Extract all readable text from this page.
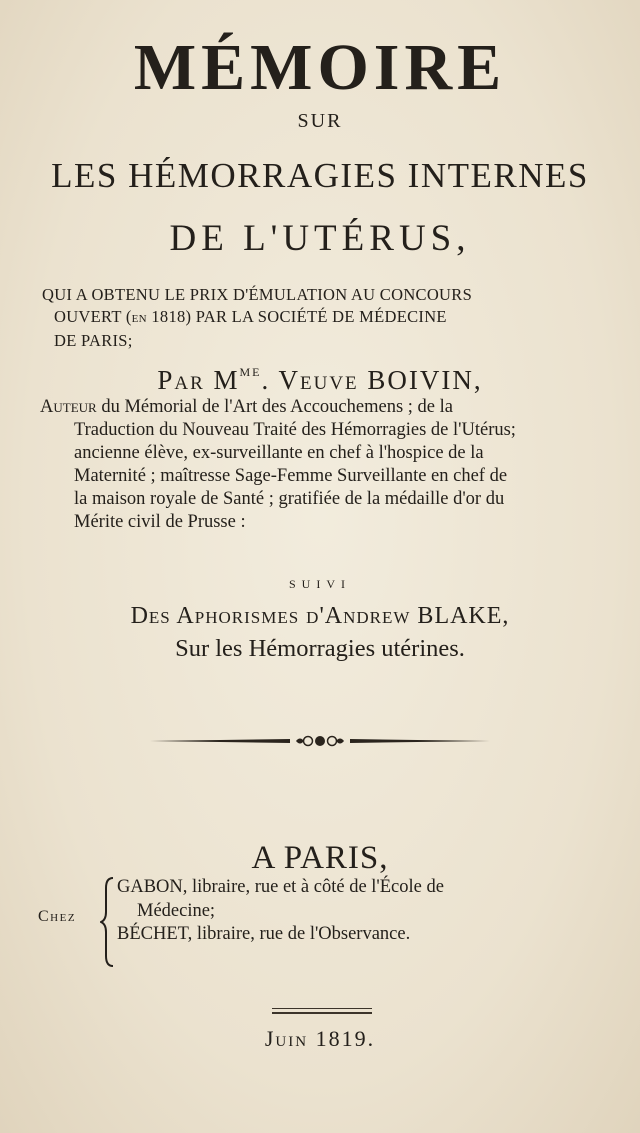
MÉMOIRE
SUR
LES HÉMORRAGIES INTERNES
DE L'UTÉRUS,
QUI A OBTENU LE PRIX D'ÉMULATION AU CONCOURS
OUVERT (EN 1818) PAR LA SOCIÉTÉ DE MÉDECINE
DE PARIS;
Par $M^{ME}$. Veuve BOIVIN,
Auteur du Mémorial de l'Art des Accouchemens ; de la
Traduction du Nouveau Traité des Hémorragies de l'Utérus;
ancienne élève, ex-surveillante en chef à l'hospice de la
Maternité ; maîtresse Sage-Femme Surveillante en chef de
la maison royale de Santé ; gratifiée de la médaille d'or du
Mérite civil de Prusse :
SUIVI
Des Aphorismes d'Andrew BLAKE,
Sur les Hémorragies utérines.
A PARIS,
Chez
GABON, libraire, rue et à côté de l'École de
Médecine;
BÉCHET, libraire, rue de l'Observance.
Juin 1819.
